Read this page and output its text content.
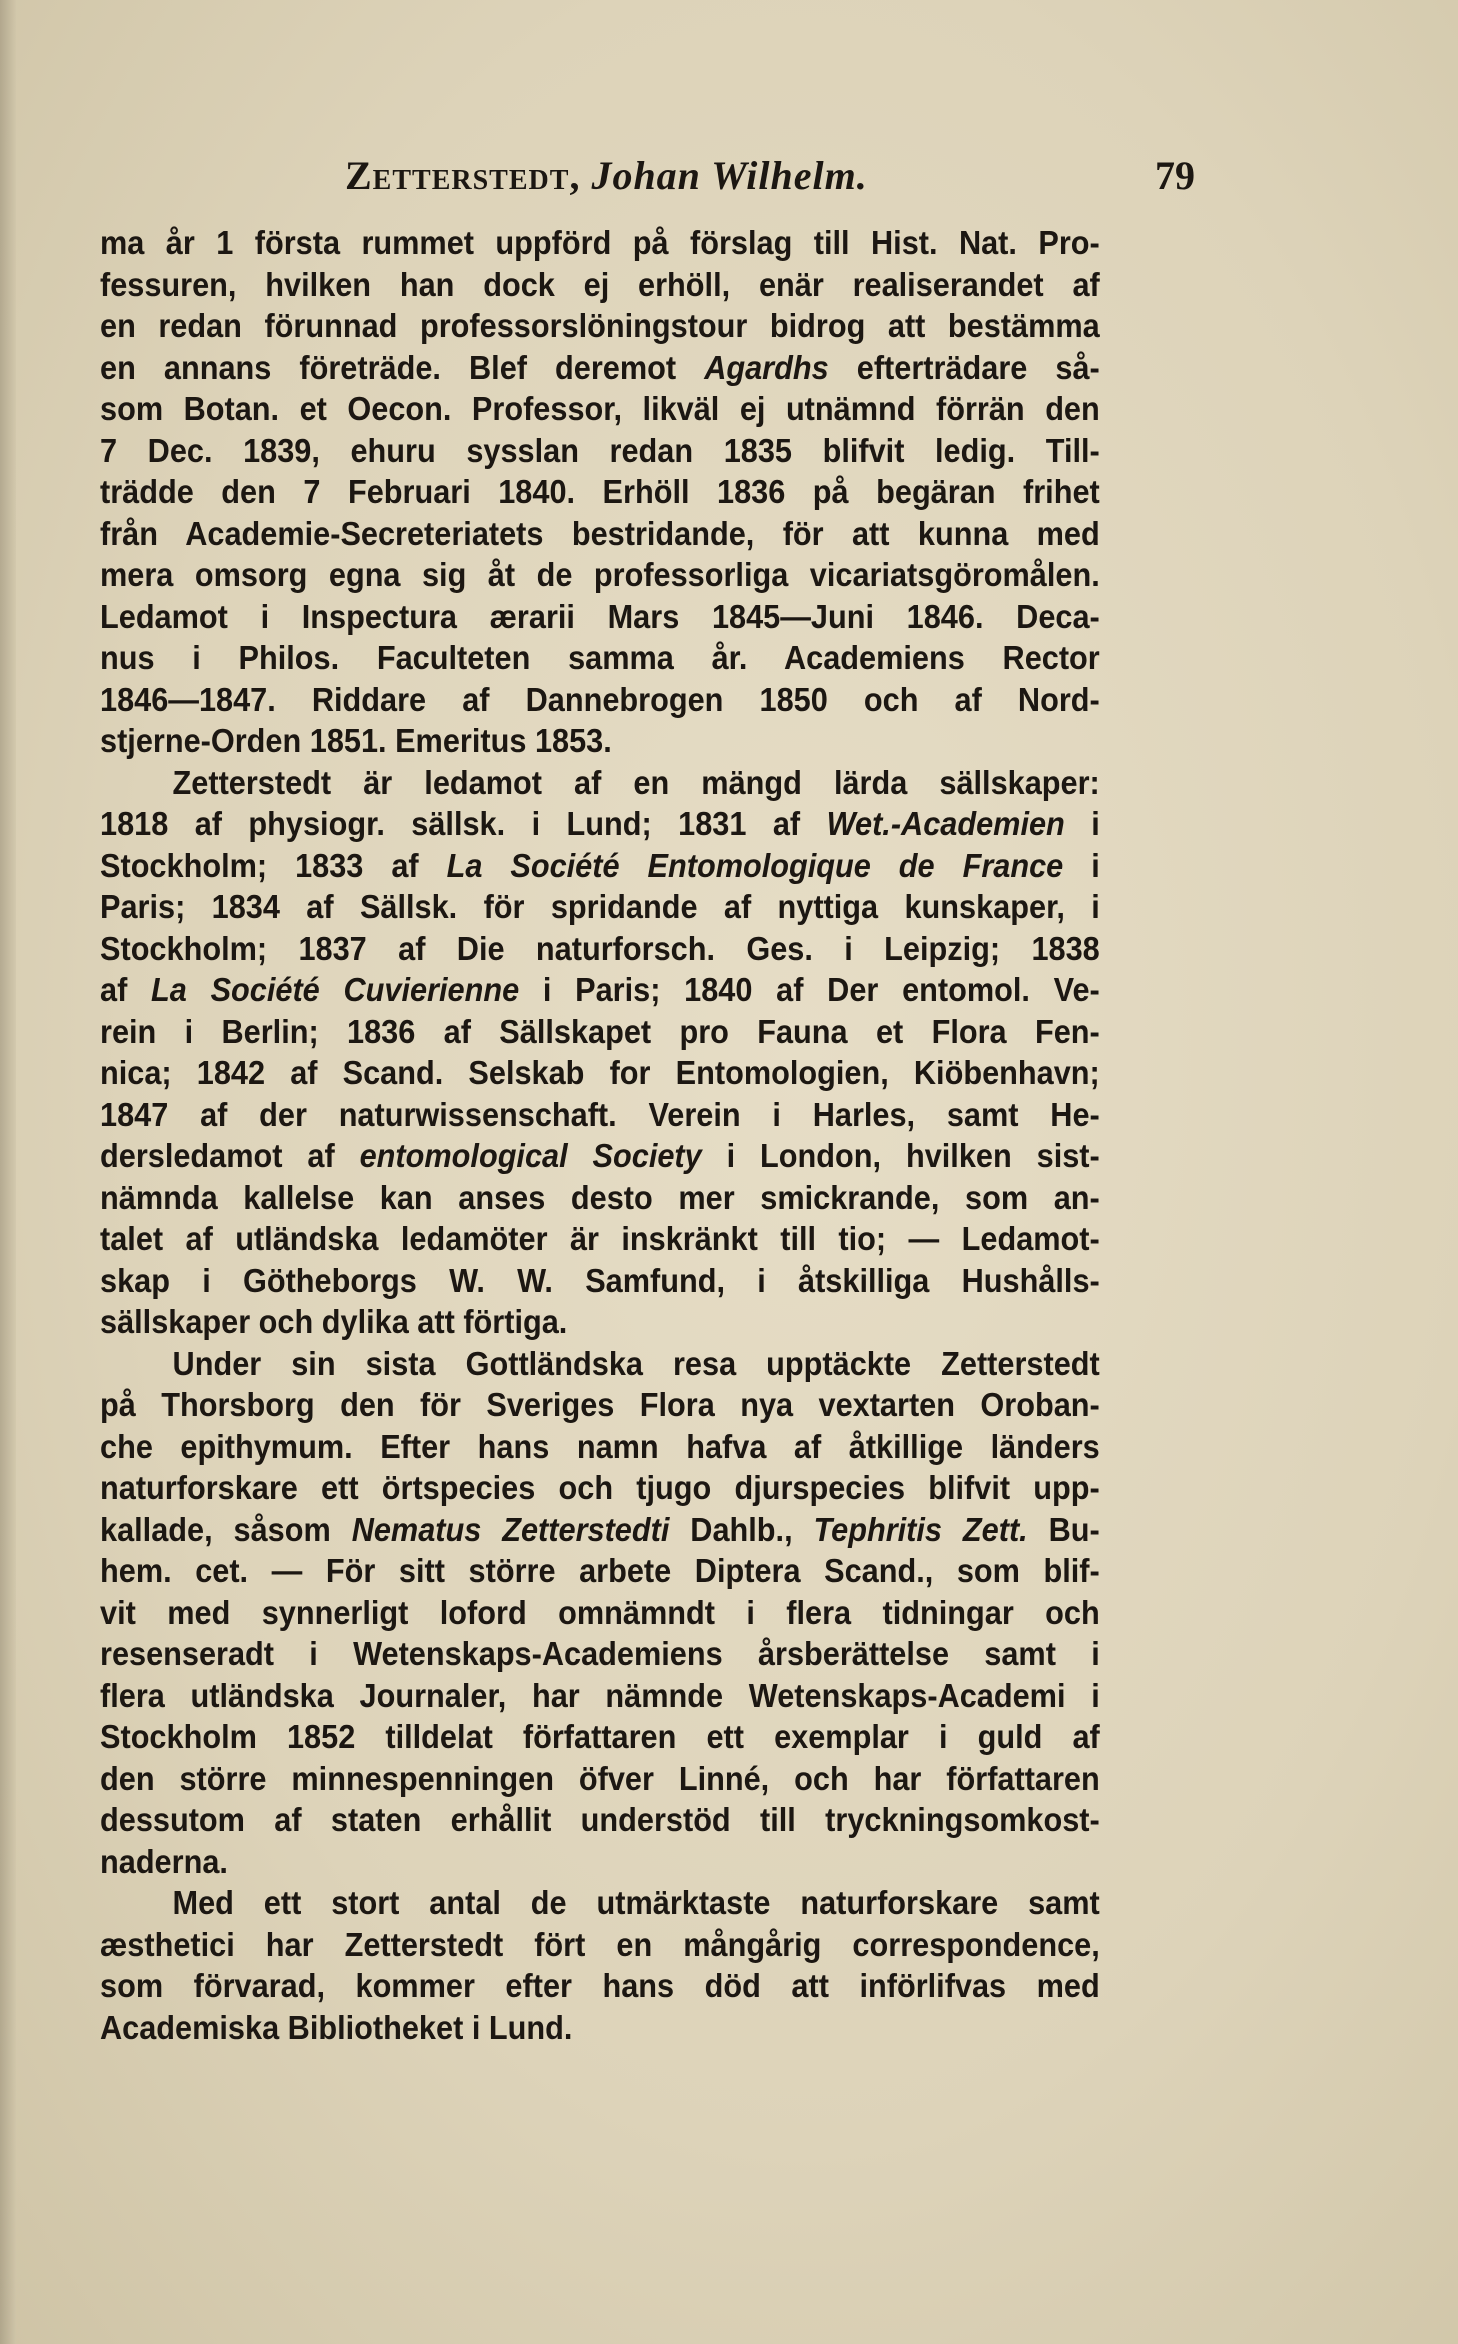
Zetterstedt, Johan Wilhelm.	79
ma år 1 första rummet uppförd på förslag till Hist. Nat. Pro-
fessuren, hvilken han dock ej erhöll, enär realiserandet af
en redan förunnad professorslöningstour bidrog att bestämma
en annans företräde. Blef deremot Agardhs efterträdare så-
som Botan. et Oecon. Professor, likväl ej utnämnd förrän den
7 Dec. 1839, ehuru sysslan redan 1835 blifvit ledig. Till-
trädde den 7 Februari 1840. Erhöll 1836 på begäran frihet
från Academie-Secreteriatets bestridande, för att kunna med
mera omsorg egna sig åt de professorliga vicariatsgöromålen.
Ledamot i Inspectura ærarii Mars 1845—Juni 1846. Deca-
nus i Philos. Faculteten samma år. Academiens Rector
1846—1847. Riddare af Dannebrogen 1850 och af Nord-
stjerne-Orden 1851. Emeritus 1853.
Zetterstedt är ledamot af en mängd lärda sällskaper:
1818 af physiogr. sällsk. i Lund; 1831 af Wet.-Academien i
Stockholm; 1833 af La Société Entomologique de France i
Paris; 1834 af Sällsk. för spridande af nyttiga kunskaper, i
Stockholm; 1837 af Die naturforsch. Ges. i Leipzig; 1838
af La Société Cuvierienne i Paris; 1840 af Der entomol. Ve-
rein i Berlin; 1836 af Sällskapet pro Fauna et Flora Fen-
nica; 1842 af Scand. Selskab for Entomologien, Kiöbenhavn;
1847 af der naturwissenschaft. Verein i Harles, samt He-
dersledamot af entomological Society i London, hvilken sist-
nämnda kallelse kan anses desto mer smickrande, som an-
talet af utländska ledamöter är inskränkt till tio; — Ledamot-
skap i Götheborgs W. W. Samfund, i åtskilliga Hushålls-
sällskaper och dylika att förtiga.
Under sin sista Gottländska resa upptäckte Zetterstedt
på Thorsborg den för Sveriges Flora nya vextarten Oroban-
che epithymum. Efter hans namn hafva af åtkillige länders
naturforskare ett örtspecies och tjugo djurspecies blifvit upp-
kallade, såsom Nematus Zetterstedti Dahlb., Tephritis Zett. Bu-
hem. cet. — För sitt större arbete Diptera Scand., som blif-
vit med synnerligt loford omnämndt i flera tidningar och
resenseradt i Wetenskaps-Academiens årsberättelse samt i
flera utländska Journaler, har nämnde Wetenskaps-Academi i
Stockholm 1852 tilldelat författaren ett exemplar i guld af
den större minnespenningen öfver Linné, och har författaren
dessutom af staten erhållit understöd till tryckningsomkost-
naderna.
Med ett stort antal de utmärktaste naturforskare samt
æsthetici har Zetterstedt fört en mångårig correspondence,
som förvarad, kommer efter hans död att införlifvas med
Academiska Bibliotheket i Lund.
